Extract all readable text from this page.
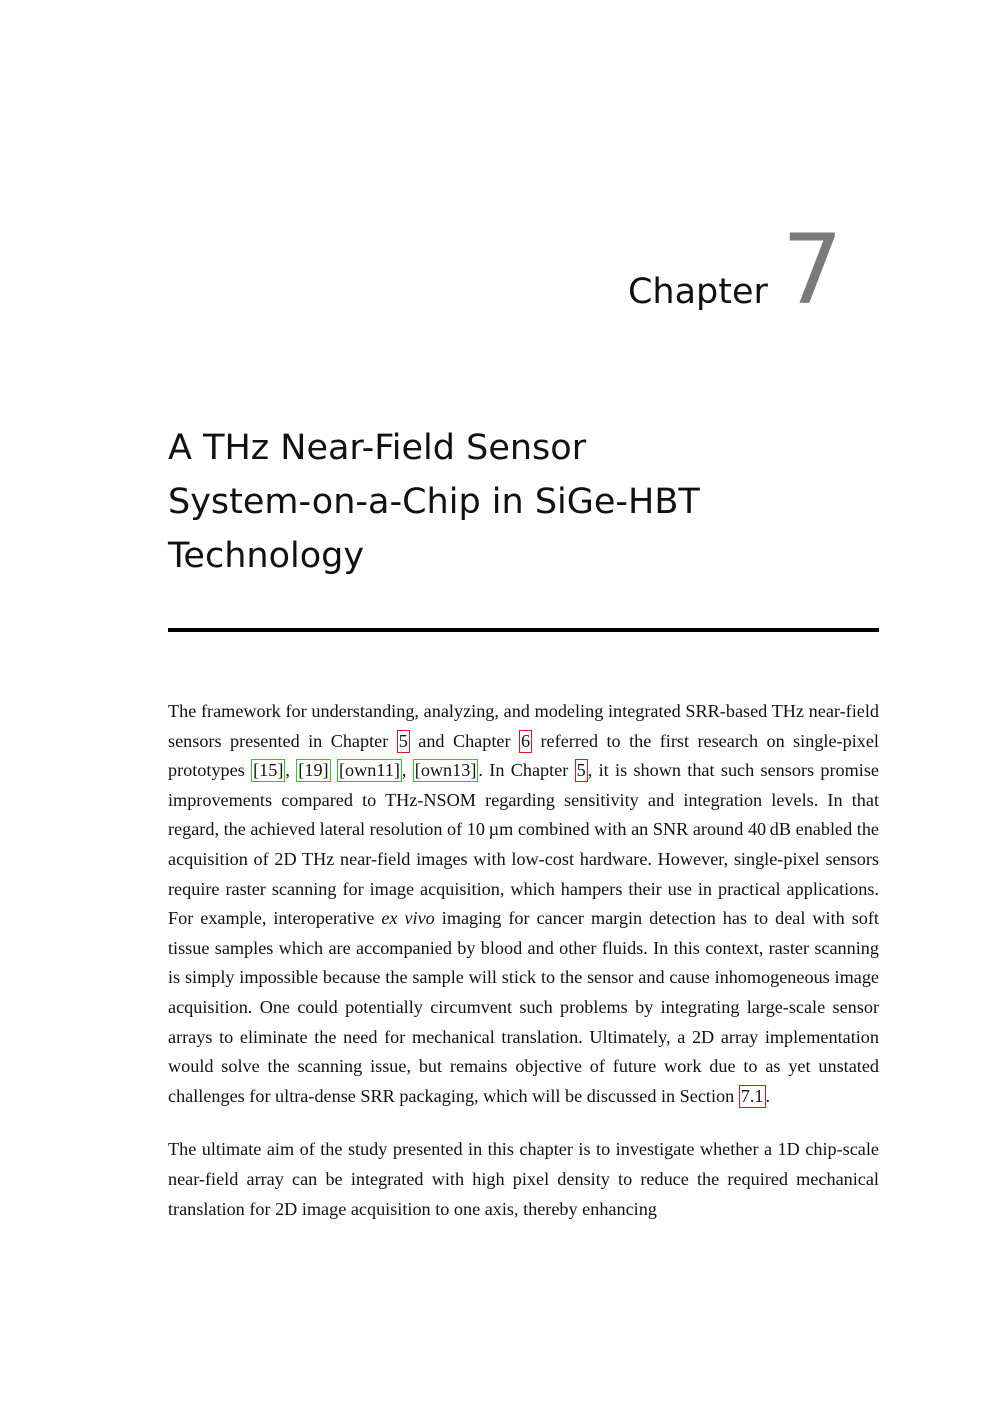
Chapter 7
A THz Near-Field Sensor
System-on-a-Chip in SiGe-HBT
Technology

The framework for understanding, analyzing, and modeling integrated SRR-based THz near-field sensors presented in Chapter 5 and Chapter 6 referred to the first research on single-pixel prototypes [15] , [19] [own11] , [own13] . In Chapter 5 , it is shown that such sensors promise improvements compared to THz-NSOM regarding sensitivity and integration levels. In that regard, the achieved lateral resolution of 10 µm combined with an SNR around 40 dB enabled the acquisition of 2D THz near-field images with low-cost hardware. However, single-pixel sensors require raster scanning for image acquisition, which hampers their use in practical applications. For example, interoperative ex vivo imaging for cancer margin detection has to deal with soft tissue samples which are accompanied by blood and other fluids. In this context, raster scanning is simply impossible because the sample will stick to the sensor and cause inhomogeneous image acquisition. One could potentially circumvent such problems by integrating large-scale sensor arrays to eliminate the need for mechanical translation. Ultimately, a 2D array implementation would solve the scanning issue, but remains objective of future work due to as yet unstated challenges for ultra-dense SRR packaging, which will be discussed in Section 7.1 .

The ultimate aim of the study presented in this chapter is to investigate whether a 1D chip-scale near-field array can be integrated with high pixel density to reduce the required mechanical translation for 2D image acquisition to one axis, thereby enhancing
